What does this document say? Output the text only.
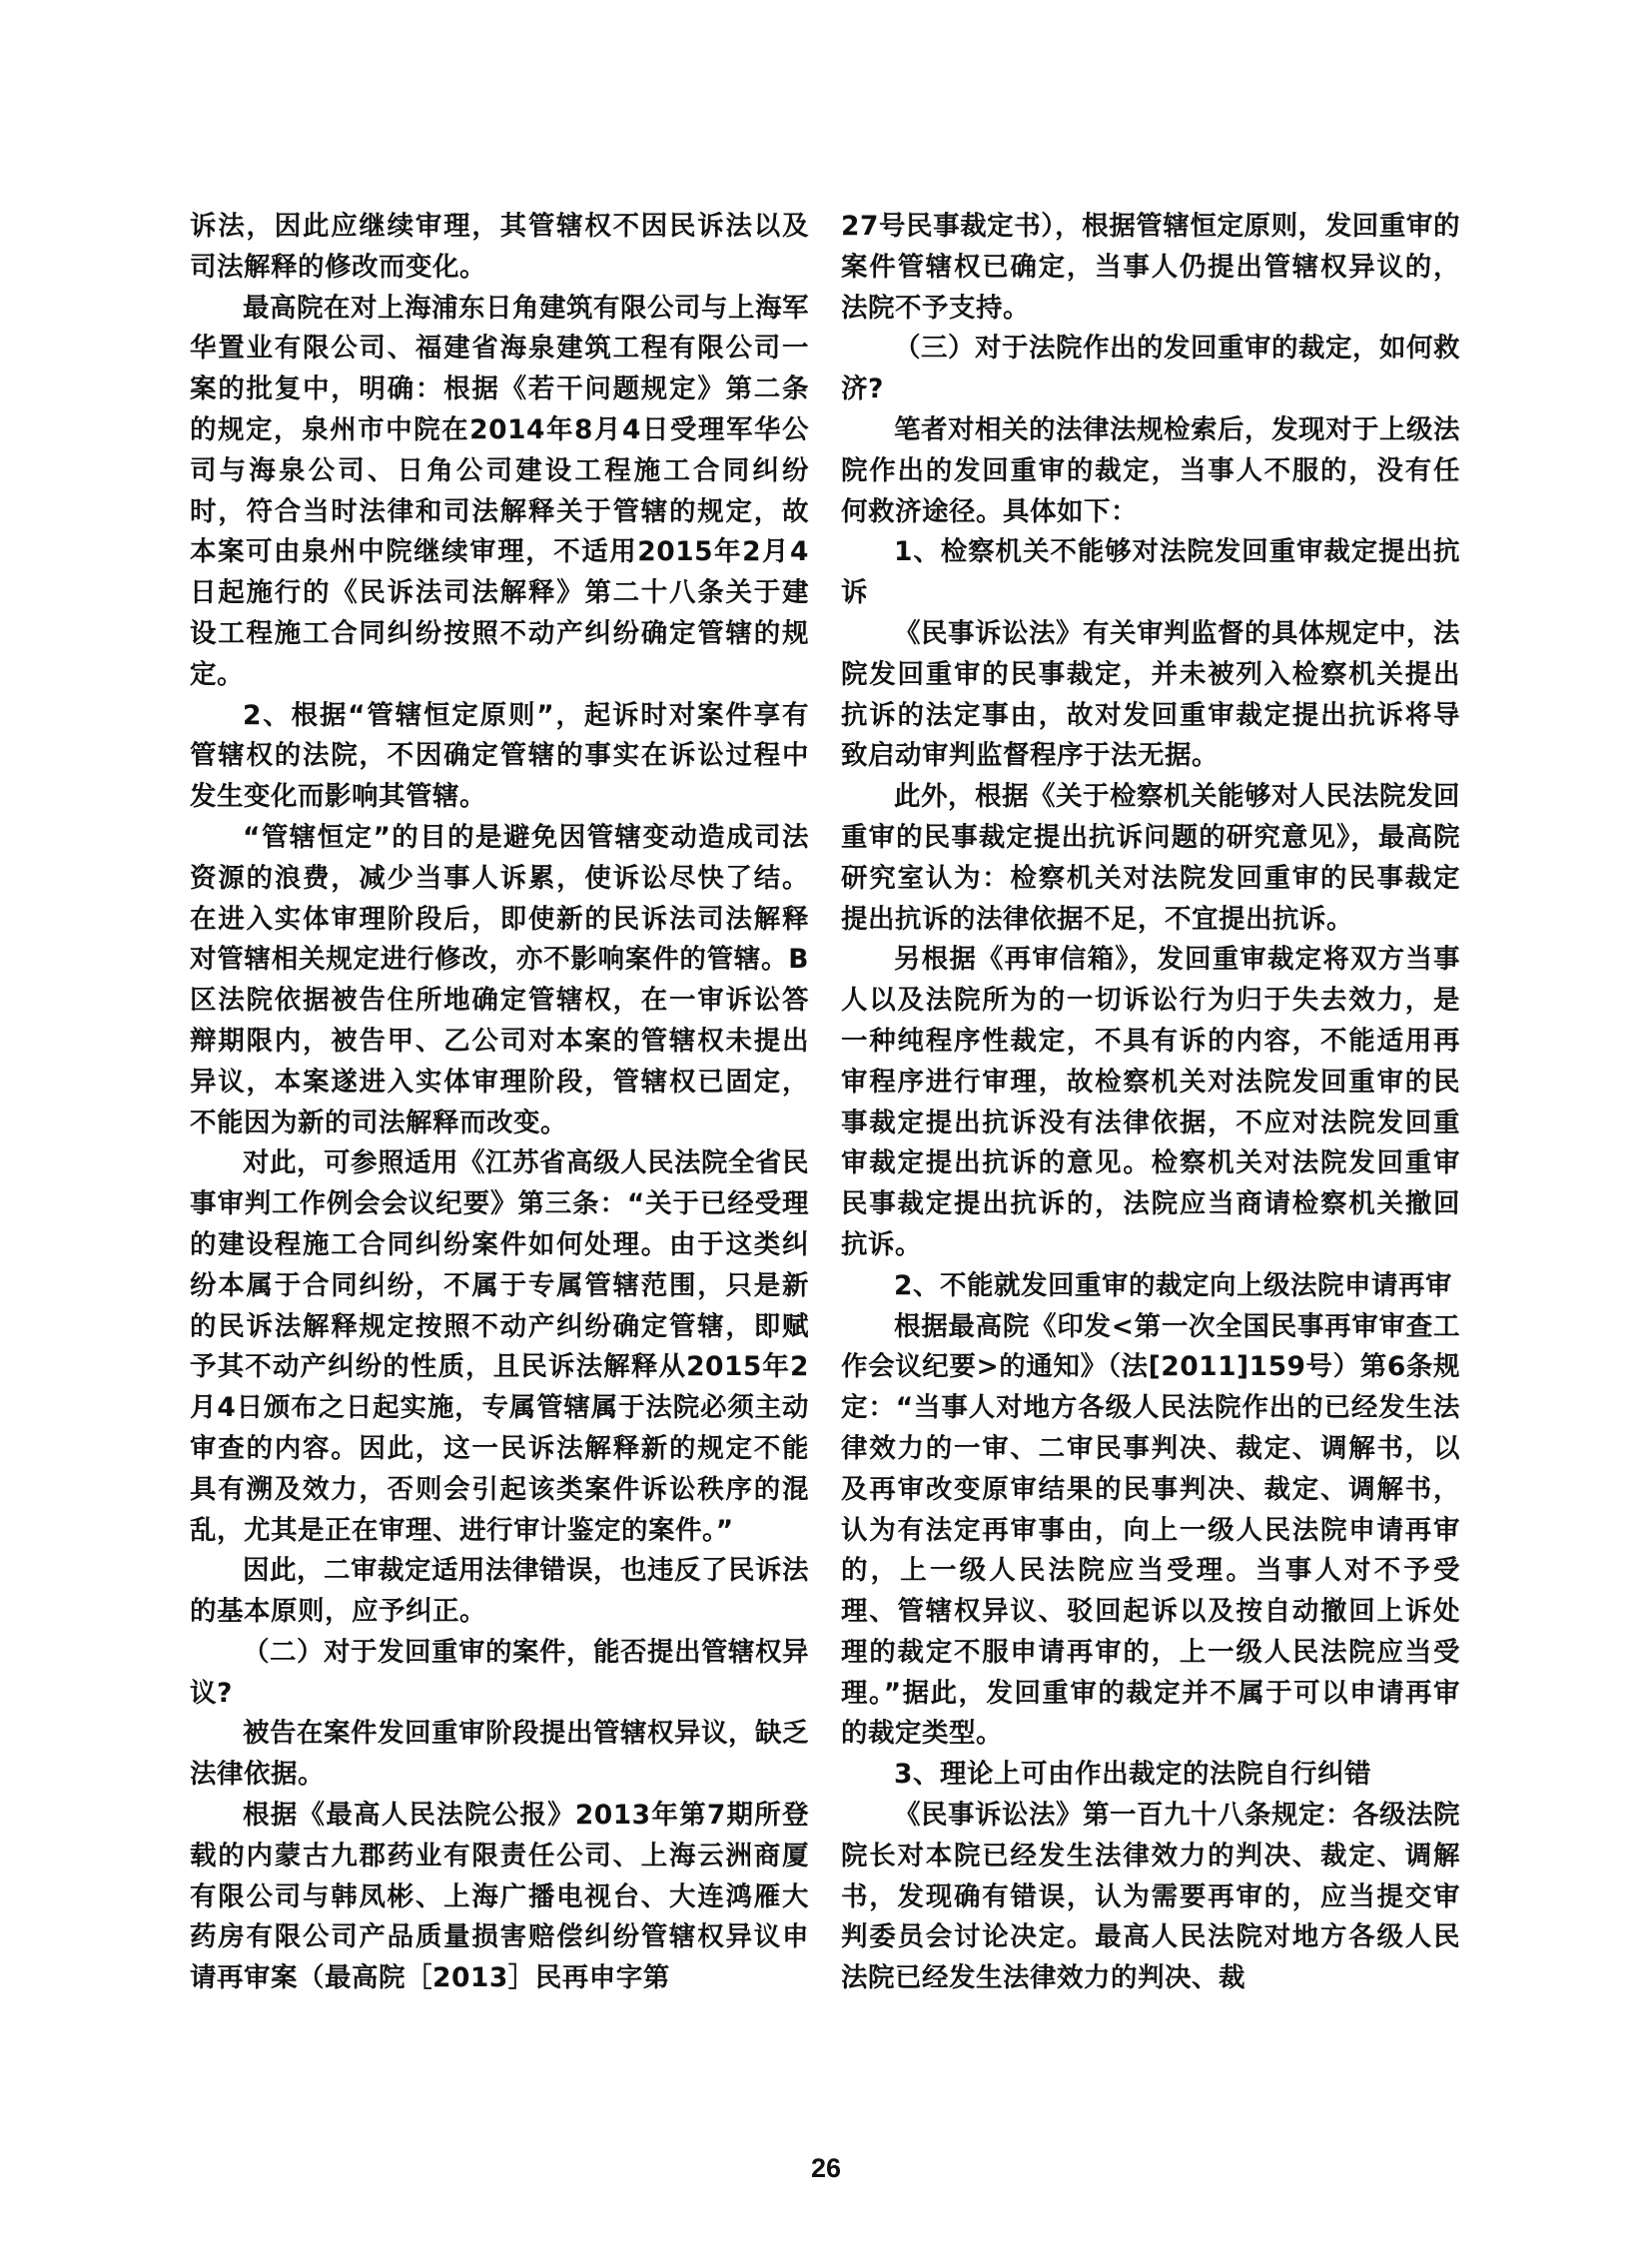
诉法，因此应继续审理，其管辖权不因民诉法以及司法解释的修改而变化。

最高院在对上海浦东日角建筑有限公司与上海军华置业有限公司、福建省海泉建筑工程有限公司一案的批复中，明确：根据《若干问题规定》第二条的规定，泉州市中院在2014年8月4日受理军华公司与海泉公司、日角公司建设工程施工合同纠纷时，符合当时法律和司法解释关于管辖的规定，故本案可由泉州中院继续审理，不适用2015年2月4日起施行的《民诉法司法解释》第二十八条关于建设工程施工合同纠纷按照不动产纠纷确定管辖的规定。

2、根据“管辖恒定原则”，起诉时对案件享有管辖权的法院，不因确定管辖的事实在诉讼过程中发生变化而影响其管辖。

“管辖恒定”的目的是避免因管辖变动造成司法资源的浪费，减少当事人诉累，使诉讼尽快了结。在进入实体审理阶段后，即使新的民诉法司法解释对管辖相关规定进行修改，亦不影响案件的管辖。B区法院依据被告住所地确定管辖权，在一审诉讼答辩期限内，被告甲、乙公司对本案的管辖权未提出异议，本案遂进入实体审理阶段，管辖权已固定，不能因为新的司法解释而改变。

对此，可参照适用《江苏省高级人民法院全省民事审判工作例会会议纪要》第三条：“关于已经受理的建设程施工合同纠纷案件如何处理。由于这类纠纷本属于合同纠纷，不属于专属管辖范围，只是新的民诉法解释规定按照不动产纠纷确定管辖，即赋予其不动产纠纷的性质，且民诉法解释从2015年2月4日颁布之日起实施，专属管辖属于法院必须主动审查的内容。因此，这一民诉法解释新的规定不能具有溯及效力，否则会引起该类案件诉讼秩序的混乱，尤其是正在审理、进行审计鉴定的案件。”

因此，二审裁定适用法律错误，也违反了民诉法的基本原则，应予纠正。

（二）对于发回重审的案件，能否提出管辖权异议?

被告在案件发回重审阶段提出管辖权异议，缺乏法律依据。

根据《最高人民法院公报》2013年第7期所登载的内蒙古九郡药业有限责任公司、上海云洲商厦有限公司与韩凤彬、上海广播电视台、大连鸿雁大药房有限公司产品质量损害赔偿纠纷管辖权异议申请再审案（最高院［2013］民再申字第

27号民事裁定书），根据管辖恒定原则，发回重审的案件管辖权已确定，当事人仍提出管辖权异议的，法院不予支持。

（三）对于法院作出的发回重审的裁定，如何救济?

笔者对相关的法律法规检索后，发现对于上级法院作出的发回重审的裁定，当事人不服的，没有任何救济途径。具体如下：

1、检察机关不能够对法院发回重审裁定提出抗诉

《民事诉讼法》有关审判监督的具体规定中，法院发回重审的民事裁定，并未被列入检察机关提出抗诉的法定事由，故对发回重审裁定提出抗诉将导致启动审判监督程序于法无据。

此外，根据《关于检察机关能够对人民法院发回重审的民事裁定提出抗诉问题的研究意见》，最高院研究室认为：检察机关对法院发回重审的民事裁定提出抗诉的法律依据不足，不宜提出抗诉。

另根据《再审信箱》，发回重审裁定将双方当事人以及法院所为的一切诉讼行为归于失去效力，是一种纯程序性裁定，不具有诉的内容，不能适用再审程序进行审理，故检察机关对法院发回重审的民事裁定提出抗诉没有法律依据，不应对法院发回重审裁定提出抗诉的意见。检察机关对法院发回重审民事裁定提出抗诉的，法院应当商请检察机关撤回抗诉。

2、不能就发回重审的裁定向上级法院申请再审

根据最高院《印发<第一次全国民事再审审查工作会议纪要>的通知》（法[2011]159号）第6条规定：“当事人对地方各级人民法院作出的已经发生法律效力的一审、二审民事判决、裁定、调解书，以及再审改变原审结果的民事判决、裁定、调解书，认为有法定再审事由，向上一级人民法院申请再审的，上一级人民法院应当受理。当事人对不予受理、管辖权异议、驳回起诉以及按自动撤回上诉处理的裁定不服申请再审的，上一级人民法院应当受理。”据此，发回重审的裁定并不属于可以申请再审的裁定类型。

3、理论上可由作出裁定的法院自行纠错

《民事诉讼法》第一百九十八条规定：各级法院院长对本院已经发生法律效力的判决、裁定、调解书，发现确有错误，认为需要再审的，应当提交审判委员会讨论决定。最高人民法院对地方各级人民法院已经发生法律效力的判决、裁

26
